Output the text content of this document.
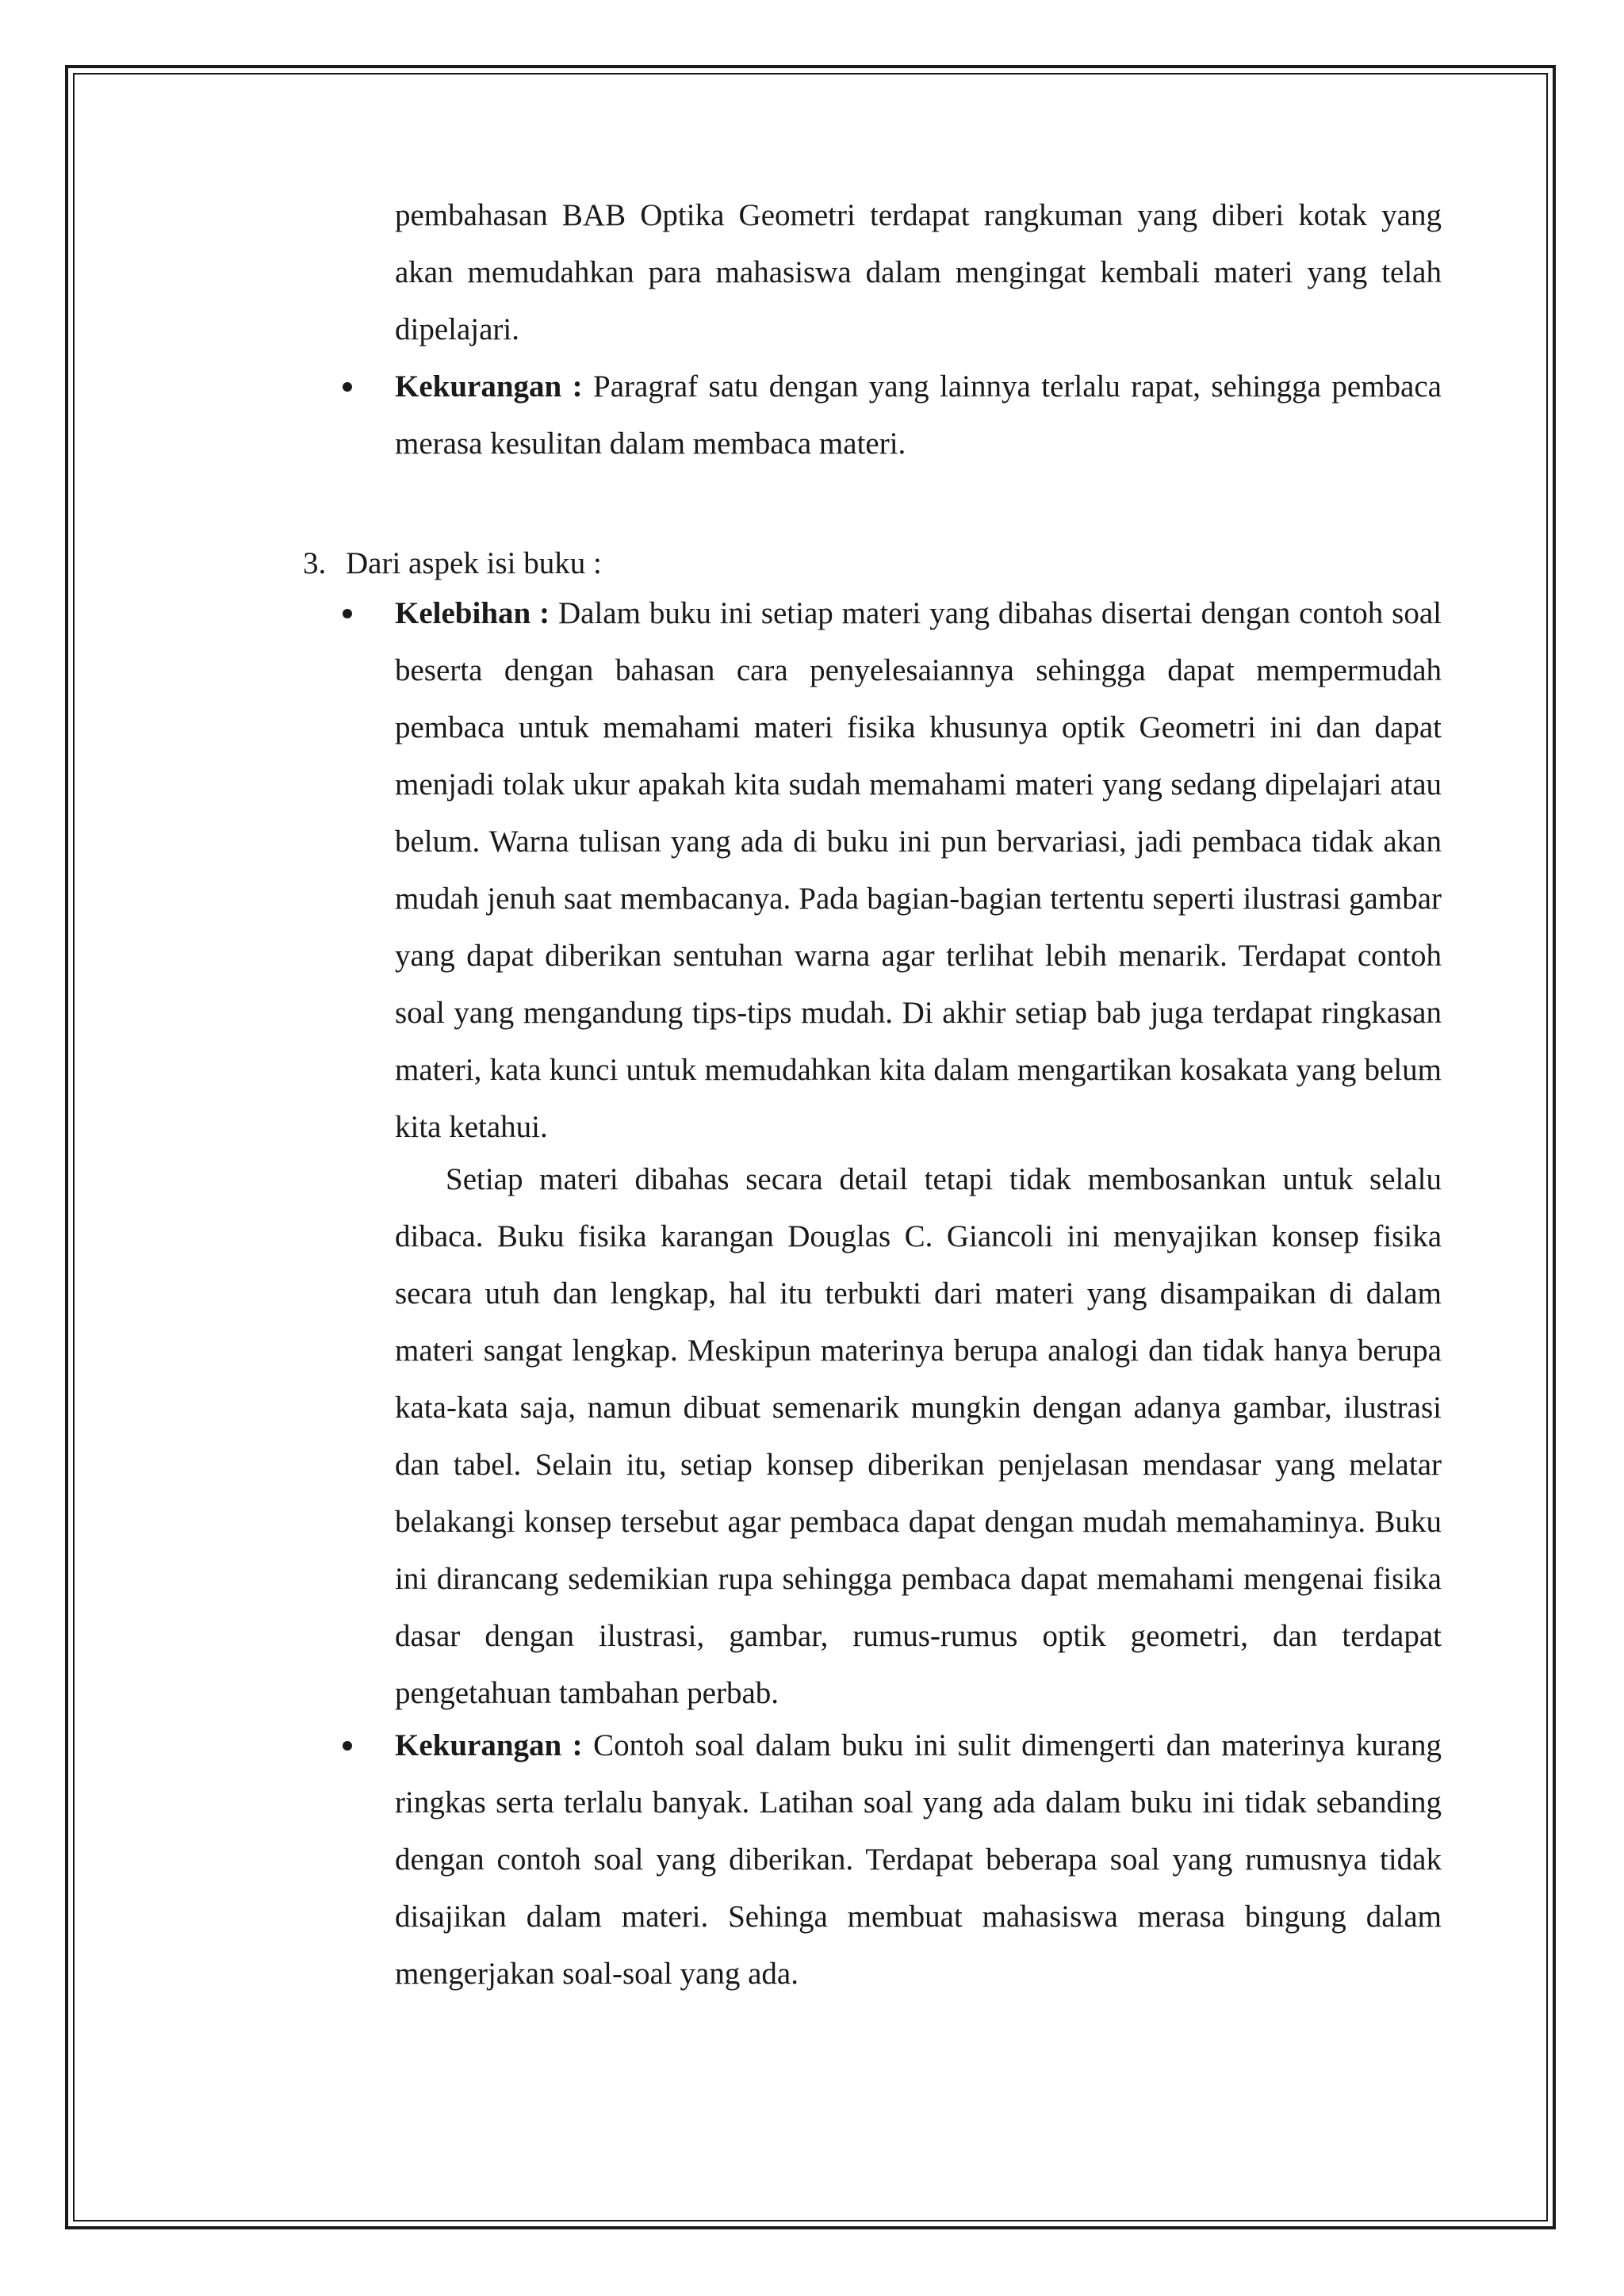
pembahasan BAB Optika Geometri terdapat rangkuman yang diberi kotak yang akan memudahkan para mahasiswa dalam mengingat kembali materi yang telah dipelajari.

Kekurangan : Paragraf satu dengan yang lainnya terlalu rapat, sehingga pembaca merasa kesulitan dalam membaca materi.

3. Dari aspek isi buku :

Kelebihan : Dalam buku ini setiap materi yang dibahas disertai dengan contoh soal beserta dengan bahasan cara penyelesaiannya sehingga dapat mempermudah pembaca untuk memahami materi fisika khusunya optik Geometri ini dan dapat menjadi tolak ukur apakah kita sudah memahami materi yang sedang dipelajari atau belum. Warna tulisan yang ada di buku ini pun bervariasi, jadi pembaca tidak akan mudah jenuh saat membacanya. Pada bagian-bagian tertentu seperti ilustrasi gambar yang dapat diberikan sentuhan warna agar terlihat lebih menarik. Terdapat contoh soal yang mengandung tips-tips mudah. Di akhir setiap bab juga terdapat ringkasan materi, kata kunci untuk memudahkan kita dalam mengartikan kosakata yang belum kita ketahui.

Setiap materi dibahas secara detail tetapi tidak membosankan untuk selalu dibaca. Buku fisika karangan Douglas C. Giancoli ini menyajikan konsep fisika secara utuh dan lengkap, hal itu terbukti dari materi yang disampaikan di dalam materi sangat lengkap. Meskipun materinya berupa analogi dan tidak hanya berupa kata-kata saja, namun dibuat semenarik mungkin dengan adanya gambar, ilustrasi dan tabel. Selain itu, setiap konsep diberikan penjelasan mendasar yang melatar belakangi konsep tersebut agar pembaca dapat dengan mudah memahaminya. Buku ini dirancang sedemikian rupa sehingga pembaca dapat memahami mengenai fisika dasar dengan ilustrasi, gambar, rumus-rumus optik geometri, dan terdapat pengetahuan tambahan perbab.

Kekurangan : Contoh soal dalam buku ini sulit dimengerti dan materinya kurang ringkas serta terlalu banyak. Latihan soal yang ada dalam buku ini tidak sebanding dengan contoh soal yang diberikan. Terdapat beberapa soal yang rumusnya tidak disajikan dalam materi. Sehinga membuat mahasiswa merasa bingung dalam mengerjakan soal-soal yang ada.
